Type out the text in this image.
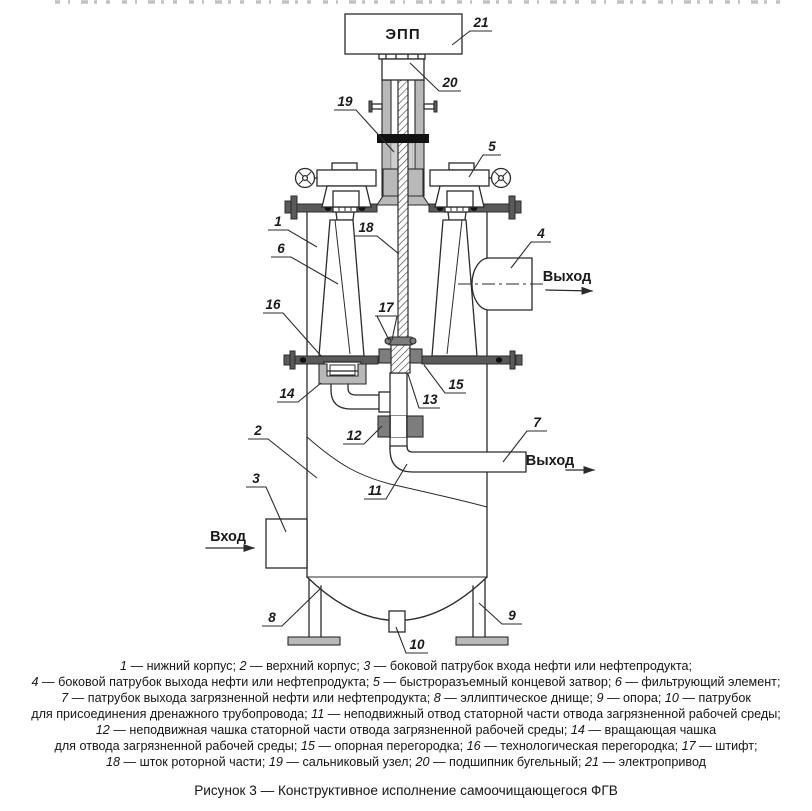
ЭПП
Вход
Выход
Выход
21
20
19
5
1
6
4
18
16	17
15
13
14
2	12
11
7
3
8	9
10
1 — нижний корпус; 2 — верхний корпус; 3 — боковой патрубок входа нефти или нефтепродукта;
4 — боковой патрубок выхода нефти или нефтепродукта; 5 — быстроразъемный концевой затвор; 6 — фильтрующий элемент;
7 — патрубок выхода загрязненной нефти или нефтепродукта; 8 — эллиптическое днище; 9 — опора; 10 — патрубок
для присоединения дренажного трубопровода; 11 — неподвижный отвод статорной части отвода загрязненной рабочей среды;
12 — неподвижная чашка статорной части отвода загрязненной рабочей среды; 14 — вращающая чашка
для отвода загрязненной рабочей среды; 15 — опорная перегородка; 16 — технологическая перегородка; 17 — штифт;
18 — шток роторной части; 19 — сальниковый узел; 20 — подшипник бугельный; 21 — электропривод
Рисунок 3 — Конструктивное исполнение самоочищающегося ФГВ
